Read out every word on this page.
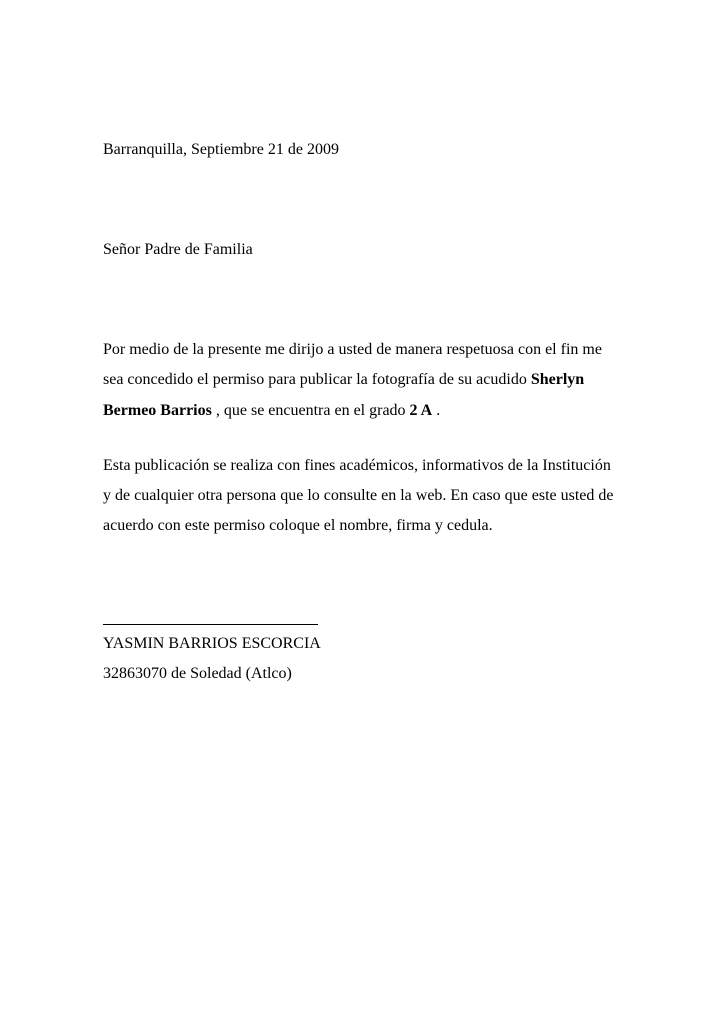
Barranquilla, Septiembre 21 de 2009
Señor Padre de Familia
Por medio de la presente me dirijo a usted de manera respetuosa con el fin me
sea concedido el permiso para publicar la fotografía de su acudido Sherlyn
Bermeo Barrios , que se encuentra en el grado 2 A .
Esta publicación se realiza con fines académicos, informativos de la Institución
y de cualquier otra persona que lo consulte en la web. En caso que este usted de
acuerdo con este permiso coloque el nombre, firma y cedula.
YASMIN BARRIOS ESCORCIA
32863070 de Soledad (Atlco)
